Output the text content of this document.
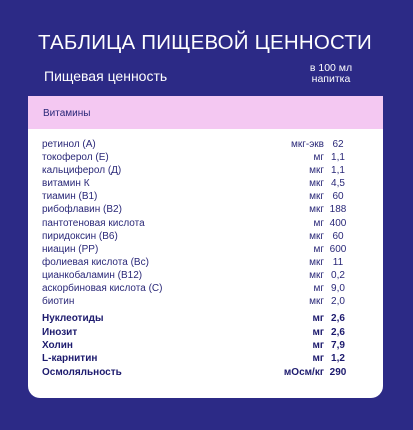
ТАБЛИЦА ПИЩЕВОЙ ЦЕННОСТИ
Пищевая ценность	в 100 мл
напитка
Витамины
ретинол (А)	мкг-экв 62
токоферол (Е)	мг 1,1
кальциферол (Д)	мкг 1,1
витамин К	мкг 4,5
тиамин (В1)	мкг 60
рибофлавин (В2)	мкг 188
пантотеновая кислота	мг 400
пиридоксин (В6)	мкг 60
ниацин (РР)	мг 600
фолиевая кислота (Вс)	мкг 11
цианкобаламин (В12)	мкг 0,2
аскорбиновая кислота (С)	мг 9,0
биотин	мкг 2,0
Нуклеотиды	мг 2,6
Инозит	мг 2,6
Холин	мг 7,9
L-карнитин	мг 1,2
Осмоляльность	мОсм/кг 290
